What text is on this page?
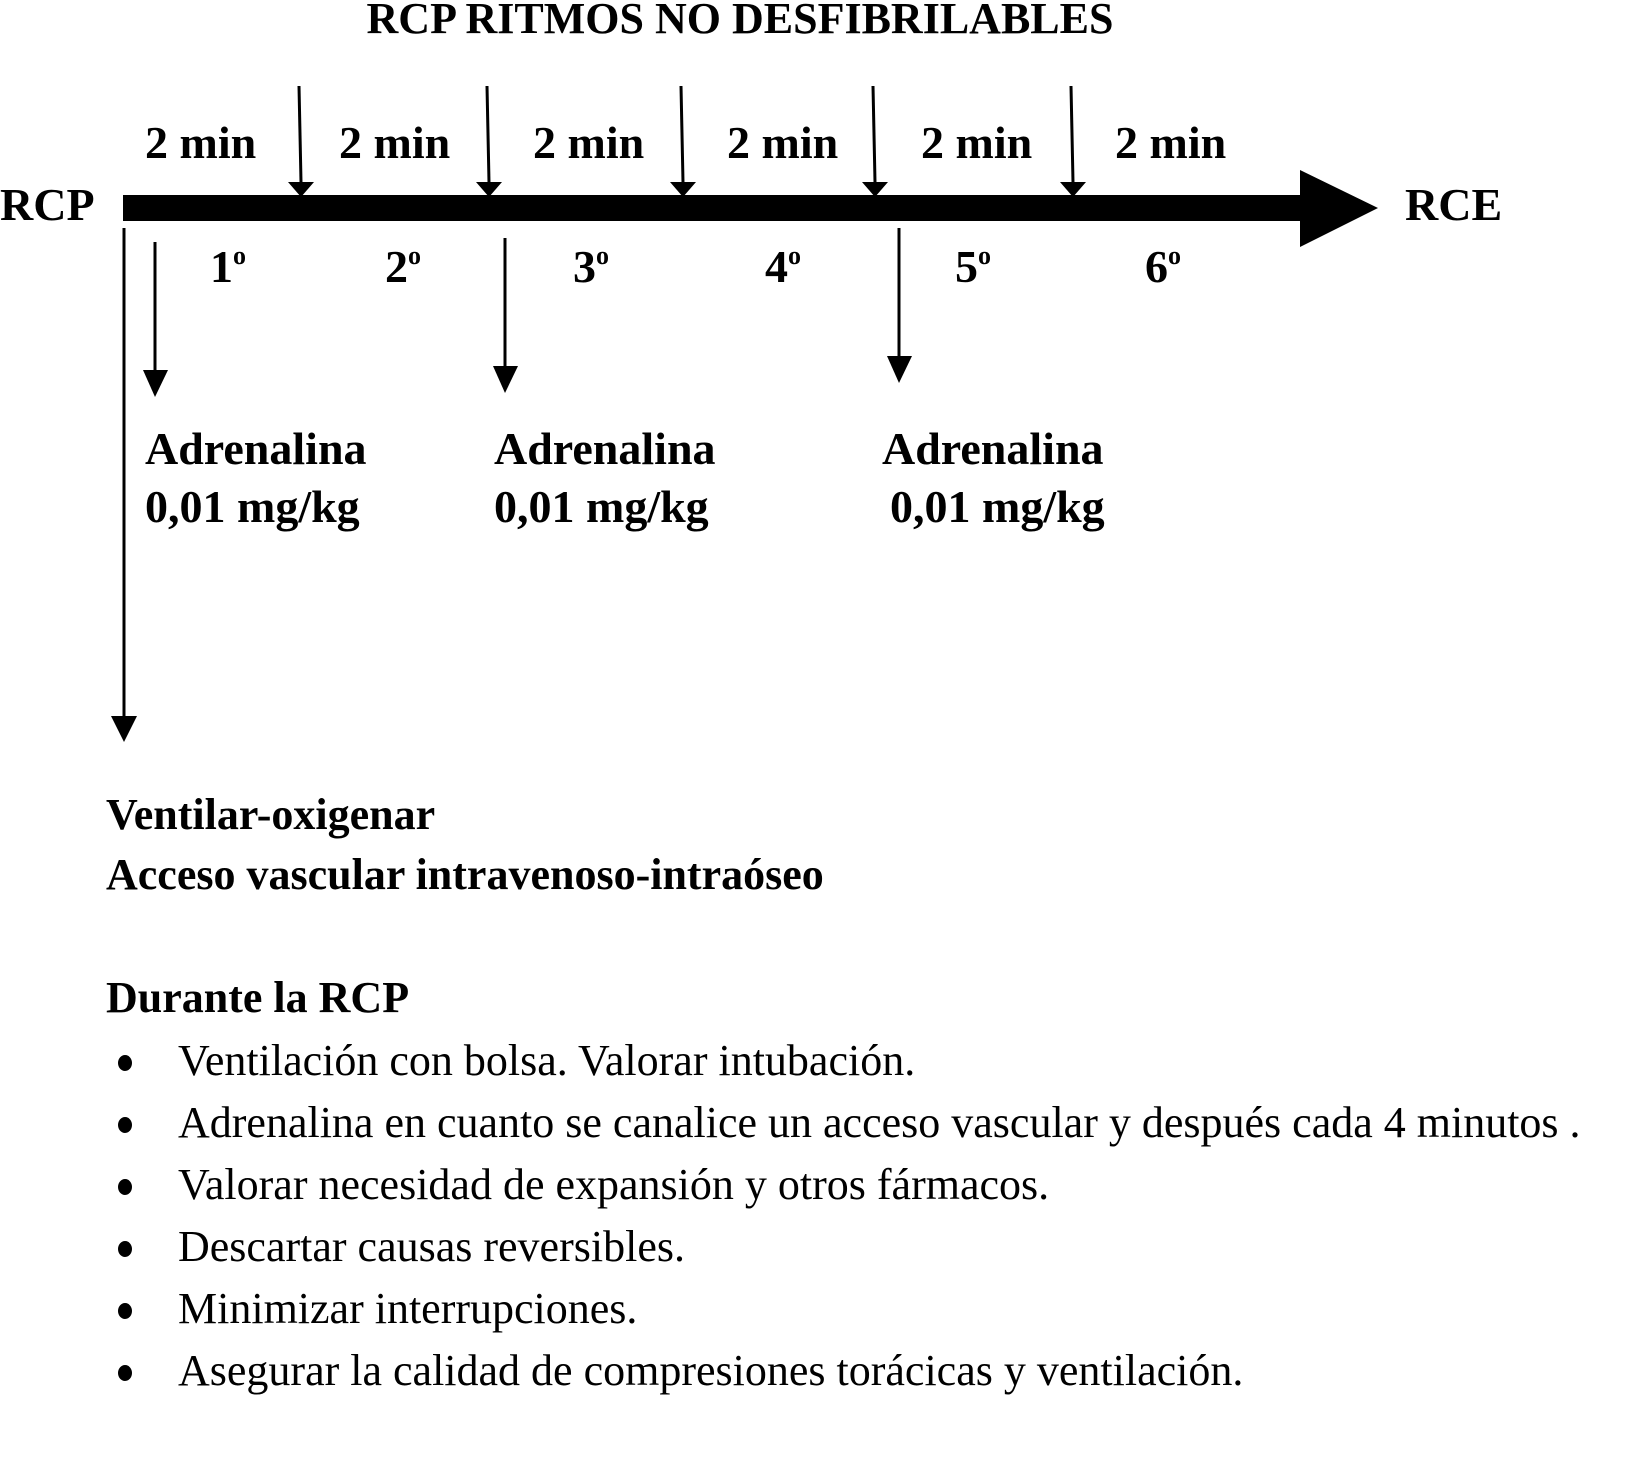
RCP RITMOS NO DESFIBRILABLES
RCP	RCE
2 min 2 min 2 min 2 min 2 min 2 min
1$^o$	2$^o$	3$^o$	4$^o$	5$^o$	6$^o$
Adrenalina
0,01 mg/kg
Adrenalina
0,01 mg/kg
Adrenalina
0,01 mg/kg
Ventilar-oxigenar
Acceso vascular intravenoso-intraóseo
Durante la RCP
Ventilación con bolsa. Valorar intubación.
Adrenalina en cuanto se canalice un acceso vascular y después cada 4 minutos .
Valorar necesidad de expansión y otros fármacos.
Descartar causas reversibles.
Minimizar interrupciones.
Asegurar la calidad de compresiones torácicas y ventilación.
